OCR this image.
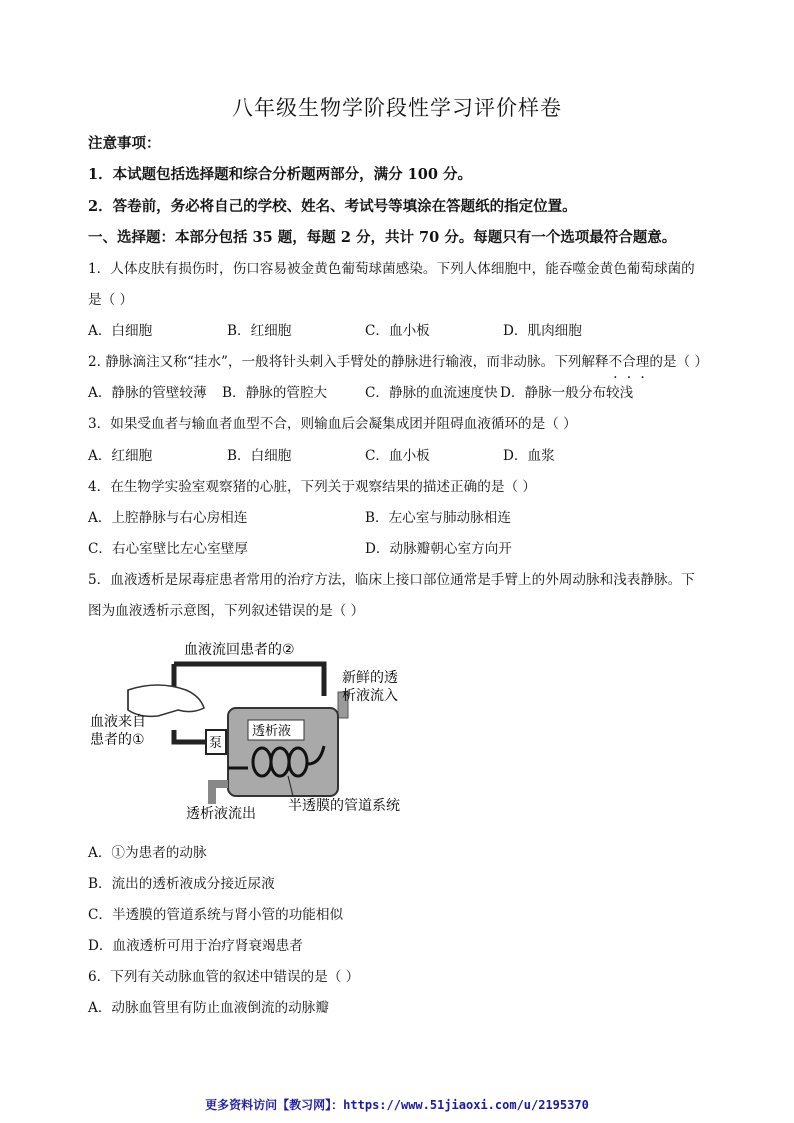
八年级生物学阶段性学习评价样卷
注意事项：
1．本试题包括选择题和综合分析题两部分，满分 100 分。
2．答卷前，务必将自己的学校、姓名、考试号等填涂在答题纸的指定位置。
一、选择题：本部分包括 35 题，每题 2 分，共计 70 分。每题只有一个选项最符合题意。
1．人体皮肤有损伤时，伤口容易被金黄色葡萄球菌感染。下列人体细胞中，能吞噬金黄色葡萄球菌的
是（ ）
A．白细胞	B．红细胞	C．血小板	D．肌肉细胞
2. 静脉滴注又称“挂水”，一般将针头刺入手臂处的静脉进行输液，而非动脉。下列解释不合理的是（ ）
A．静脉的管壁较薄 B．静脉的管腔大	C．静脉的血流速度快 D．静脉一般分布较浅
3．如果受血者与输血者血型不合，则输血后会凝集成团并阻碍血液循环的是（ ）
A．红细胞	B．白细胞	C．血小板	D．血浆
4．在生物学实验室观察猪的心脏，下列关于观察结果的描述正确的是（ ）
A．上腔静脉与右心房相连	B．左心室与肺动脉相连
C．右心室壁比左心室壁厚	D．动脉瓣朝心室方向开
5．血液透析是尿毒症患者常用的治疗方法，临床上接口部位通常是手臂上的外周动脉和浅表静脉。下
图为血液透析示意图，下列叙述错误的是（ ）
血液流回患者的②
新鲜的透
析液流入
透析液
泵
血液来自
患者的①
透析液流出 半透膜的管道系统
A．①为患者的动脉
B．流出的透析液成分接近尿液
C．半透膜的管道系统与肾小管的功能相似
D．血液透析可用于治疗肾衰竭患者
6．下列有关动脉血管的叙述中错误的是（ ）
A．动脉血管里有防止血液倒流的动脉瓣
更多资料访问【教习网】：https://www.51jiaoxi.com/u/2195370
